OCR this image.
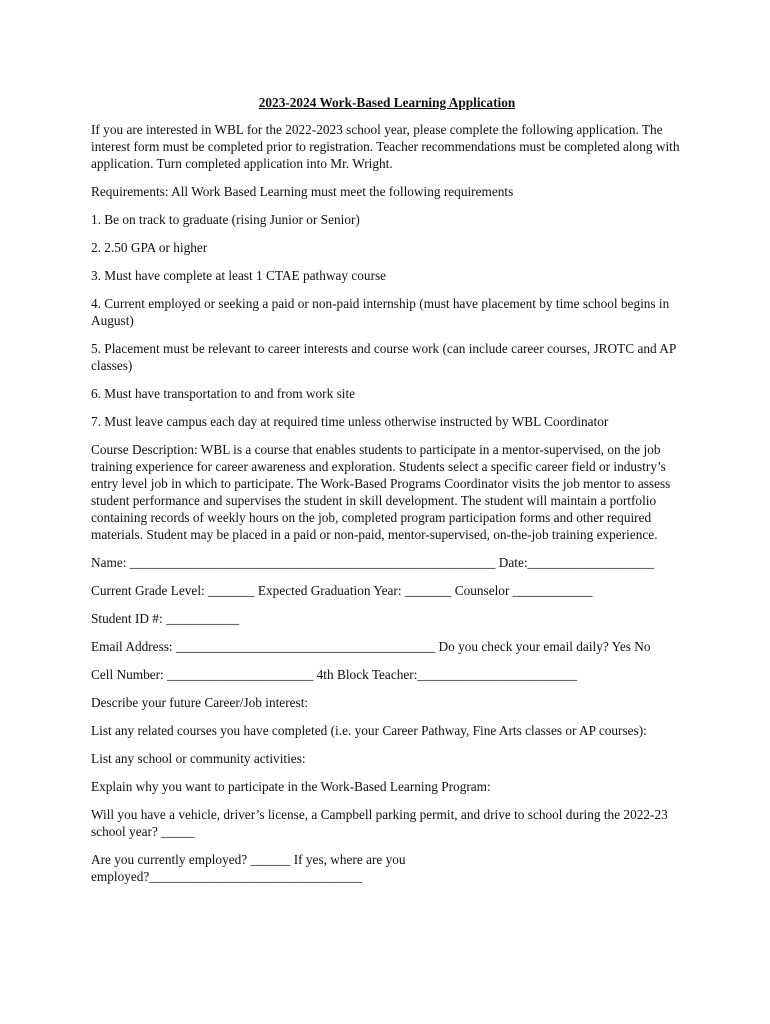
2023-2024 Work-Based Learning Application

If you are interested in WBL for the 2022-2023 school year, please complete the following application. The interest form must be completed prior to registration. Teacher recommendations must be completed along with application. Turn completed application into Mr. Wright.

Requirements: All Work Based Learning must meet the following requirements

1. Be on track to graduate (rising Junior or Senior)

2. 2.50 GPA or higher

3. Must have complete at least 1 CTAE pathway course

4. Current employed or seeking a paid or non-paid internship (must have placement by time school begins in August)

5. Placement must be relevant to career interests and course work (can include career courses, JROTC and AP classes)

6. Must have transportation to and from work site

7. Must leave campus each day at required time unless otherwise instructed by WBL Coordinator

Course Description: WBL is a course that enables students to participate in a mentor-supervised, on the job training experience for career awareness and exploration. Students select a specific career field or industry’s entry level job in which to participate. The Work-Based Programs Coordinator visits the job mentor to assess student performance and supervises the student in skill development. The student will maintain a portfolio containing records of weekly hours on the job, completed program participation forms and other required materials. Student may be placed in a paid or non-paid, mentor-supervised, on-the-job training experience.

Name: _______________________________________________________ Date:___________________
Current Grade Level: _______ Expected Graduation Year: _______ Counselor ____________
Student ID #: ___________
Email Address: _______________________________________ Do you check your email daily? Yes No
Cell Number: ______________________ 4th Block Teacher:________________________

Describe your future Career/Job interest:

List any related courses you have completed (i.e. your Career Pathway, Fine Arts classes or AP courses):

List any school or community activities:

Explain why you want to participate in the Work-Based Learning Program:

Will you have a vehicle, driver’s license, a Campbell parking permit, and drive to school during the 2022-23 school year? _____

Are you currently employed? ______ If yes, where are you
employed?________________________________
